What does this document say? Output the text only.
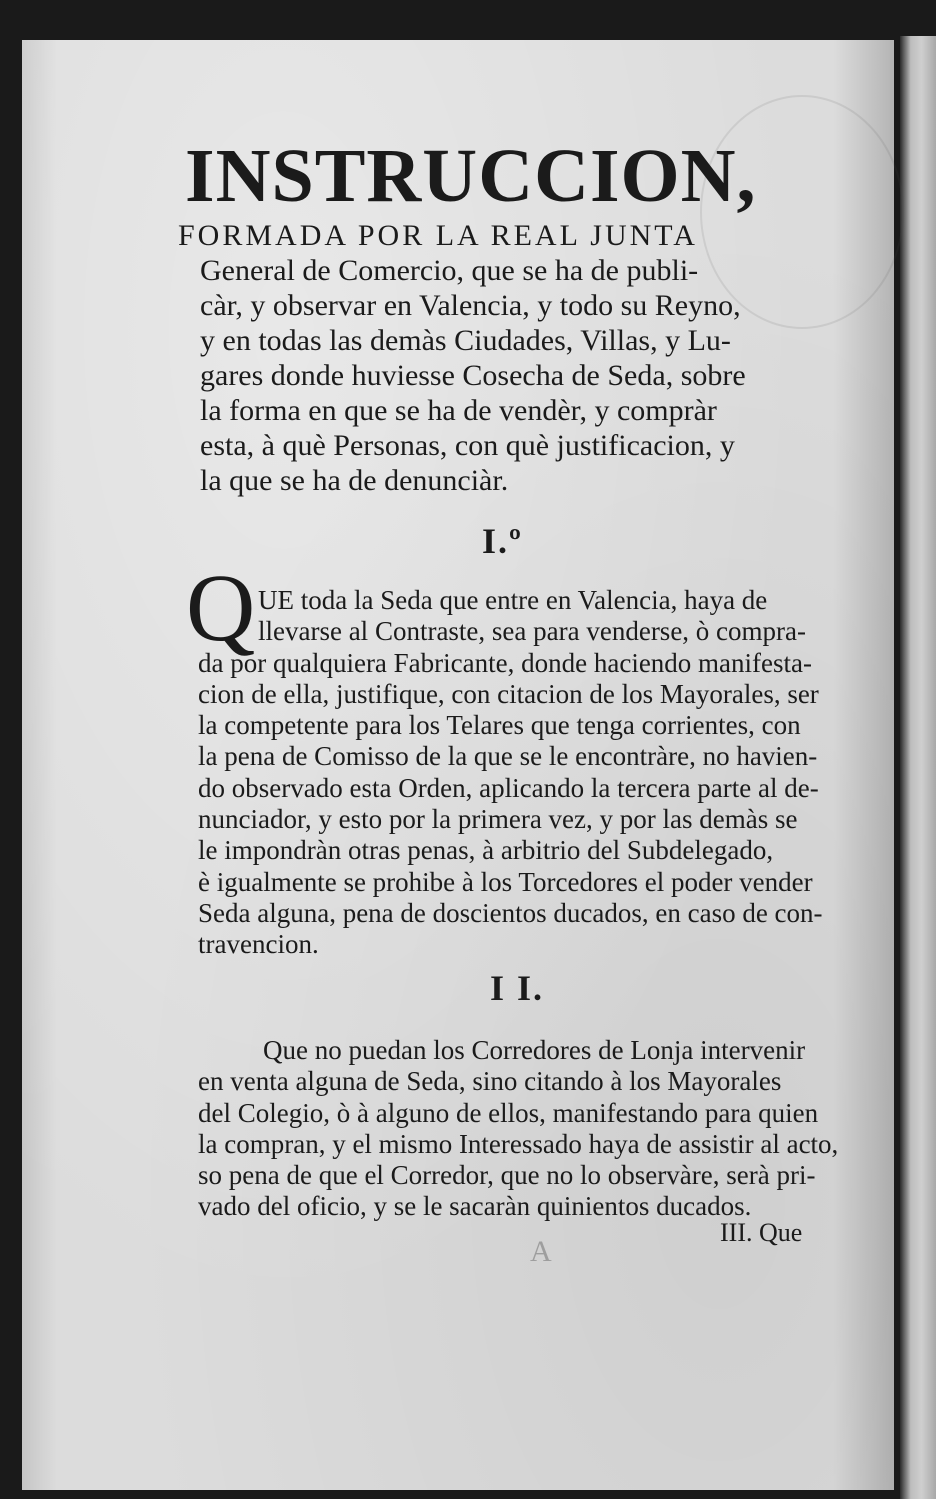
INSTRUCCION,
FORMADA POR LA REAL JUNTA
General de Comercio, que se ha de publi-
càr, y observar en Valencia, y todo su Reyno,
y en todas las demàs Ciudades, Villas, y Lu-
gares donde huviesse Cosecha de Seda, sobre
la forma en que se ha de vendèr, y compràr
esta, à què Personas, con què justificacion, y
la que se ha de denunciàr.
I.º
Q UE toda la Seda que entre en Valencia, haya de
llevarse al Contraste, sea para venderse, ò compra-
da por qualquiera Fabricante, donde haciendo manifesta-
cion de ella, justifique, con citacion de los Mayorales, ser
la competente para los Telares que tenga corrientes, con
la pena de Comisso de la que se le encontràre, no havien-
do observado esta Orden, aplicando la tercera parte al de-
nunciador, y esto por la primera vez, y por las demàs se
le impondràn otras penas, à arbitrio del Subdelegado,
è igualmente se prohibe à los Torcedores el poder vender
Seda alguna, pena de doscientos ducados, en caso de con-
travencion.
I I.
Que no puedan los Corredores de Lonja intervenir
en venta alguna de Seda, sino citando à los Mayorales
del Colegio, ò à alguno de ellos, manifestando para quien
la compran, y el mismo Interessado haya de assistir al acto,
so pena de que el Corredor, que no lo observàre, serà pri-
vado del oficio, y se le sacaràn quinientos ducados.
III. Que
A
